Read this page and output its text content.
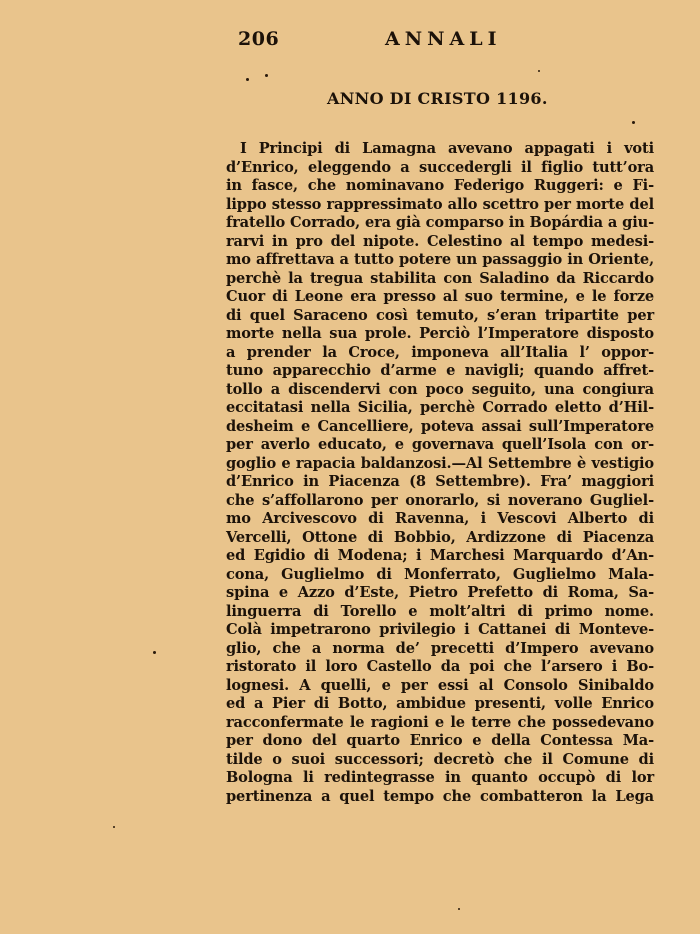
206	ANNALI
ANNO DI CRISTO 1196.
I Principi di Lamagna avevano appagati i voti
d’Enrico, eleggendo a succedergli il figlio tutt’ora
in fasce, che nominavano Federigo Ruggeri: e Fi-
lippo stesso rappressimato allo scettro per morte del
fratello Corrado, era già comparso in Bopárdia a giu-
rarvi in pro del nipote. Celestino al tempo medesi-
mo affrettava a tutto potere un passaggio in Oriente,
perchè la tregua stabilita con Saladino da Riccardo
Cuor di Leone era presso al suo termine, e le forze
di quel Saraceno così temuto, s’eran tripartite per
morte nella sua prole. Perciò l’Imperatore disposto
a prender la Croce, imponeva all’Italia l’ oppor-
tuno apparecchio d’arme e navigli; quando affret-
tollo a discendervi con poco seguito, una congiura
eccitatasi nella Sicilia, perchè Corrado eletto d’Hil-
desheim e Cancelliere, poteva assai sull’Imperatore
per averlo educato, e governava quell’Isola con or-
goglio e rapacia baldanzosi.—Al Settembre è vestigio
d’Enrico in Piacenza (8 Settembre). Fra’ maggiori
che s’affollarono per onorarlo, si noverano Gugliel-
mo Arcivescovo di Ravenna, i Vescovi Alberto di
Vercelli, Ottone di Bobbio, Ardizzone di Piacenza
ed Egidio di Modena; i Marchesi Marquardo d’An-
cona, Guglielmo di Monferrato, Guglielmo Mala-
spina e Azzo d’Este, Pietro Prefetto di Roma, Sa-
linguerra di Torello e molt’altri di primo nome.
Colà impetrarono privilegio i Cattanei di Monteve-
glio, che a norma de’ precetti d’Impero avevano
ristorato il loro Castello da poi che l’arsero i Bo-
lognesi. A quelli, e per essi al Consolo Sinibaldo
ed a Pier di Botto, ambidue presenti, volle Enrico
racconfermate le ragioni e le terre che possedevano
per dono del quarto Enrico e della Contessa Ma-
tilde o suoi successori; decretò che il Comune di
Bologna li redintegrasse in quanto occupò di lor
pertinenza a quel tempo che combatteron la Lega
